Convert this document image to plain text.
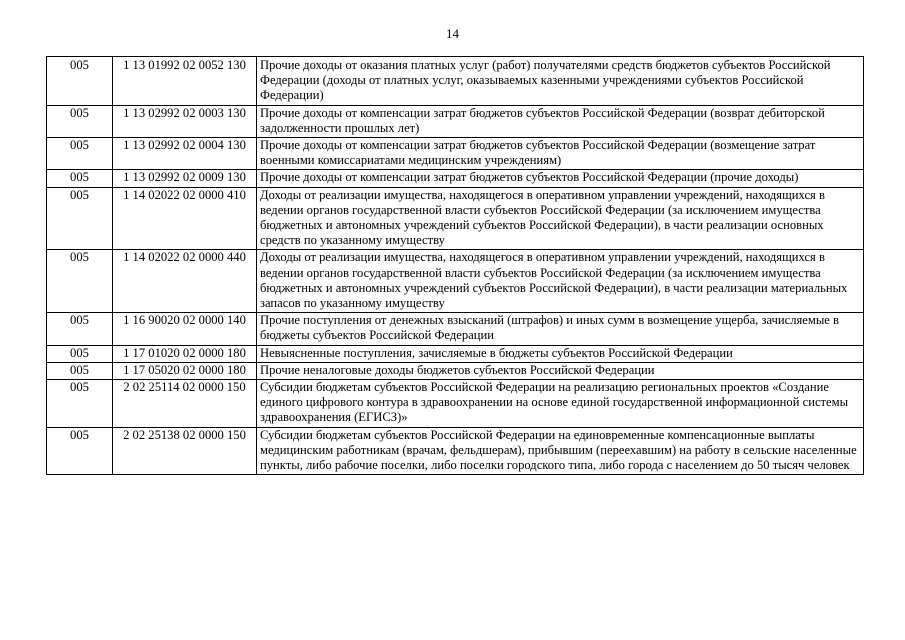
14
005	1 13 01992 02 0052 130	Прочие доходы от оказания платных услуг (работ) получателями средств бюджетов субъектов Российской Федерации (доходы от платных услуг, оказываемых казенными учреждениями субъектов Российской Федерации)
005	1 13 02992 02 0003 130	Прочие доходы от компенсации затрат бюджетов субъектов Российской Федерации (возврат дебиторской задолженности прошлых лет)
005	1 13 02992 02 0004 130	Прочие доходы от компенсации затрат бюджетов субъектов Российской Федерации (возмещение затрат военными комиссариатами медицинским учреждениям)
005	1 13 02992 02 0009 130	Прочие доходы от компенсации затрат бюджетов субъектов Российской Федерации (прочие доходы)
005	1 14 02022 02 0000 410	Доходы от реализации имущества, находящегося в оперативном управлении учреждений, находящихся в ведении органов государственной власти субъектов Российской Федерации (за исключением имущества бюджетных и автономных учреждений субъектов Российской Федерации), в части реализации основных средств по указанному имуществу
005	1 14 02022 02 0000 440	Доходы от реализации имущества, находящегося в оперативном управлении учреждений, находящихся в ведении органов государственной власти субъектов Российской Федерации (за исключением имущества бюджетных и автономных учреждений субъектов Российской Федерации), в части реализации материальных запасов по указанному имуществу
005	1 16 90020 02 0000 140	Прочие поступления от денежных взысканий (штрафов) и иных сумм в возмещение ущерба, зачисляемые в бюджеты субъектов Российской Федерации
005	1 17 01020 02 0000 180	Невыясненные поступления, зачисляемые в бюджеты субъектов Российской Федерации
005	1 17 05020 02 0000 180	Прочие неналоговые доходы бюджетов субъектов Российской Федерации
005	2 02 25114 02 0000 150	Субсидии бюджетам субъектов Российской Федерации на реализацию региональных проектов «Создание единого цифрового контура в здравоохранении на основе единой государственной информационной системы здравоохранения (ЕГИСЗ)»
005	2 02 25138 02 0000 150	Субсидии бюджетам субъектов Российской Федерации на единовременные компенсационные выплаты медицинским работникам (врачам, фельдшерам), прибывшим (переехавшим) на работу в сельские населенные пункты, либо рабочие поселки, либо поселки городского типа, либо города с населением до 50 тысяч человек
